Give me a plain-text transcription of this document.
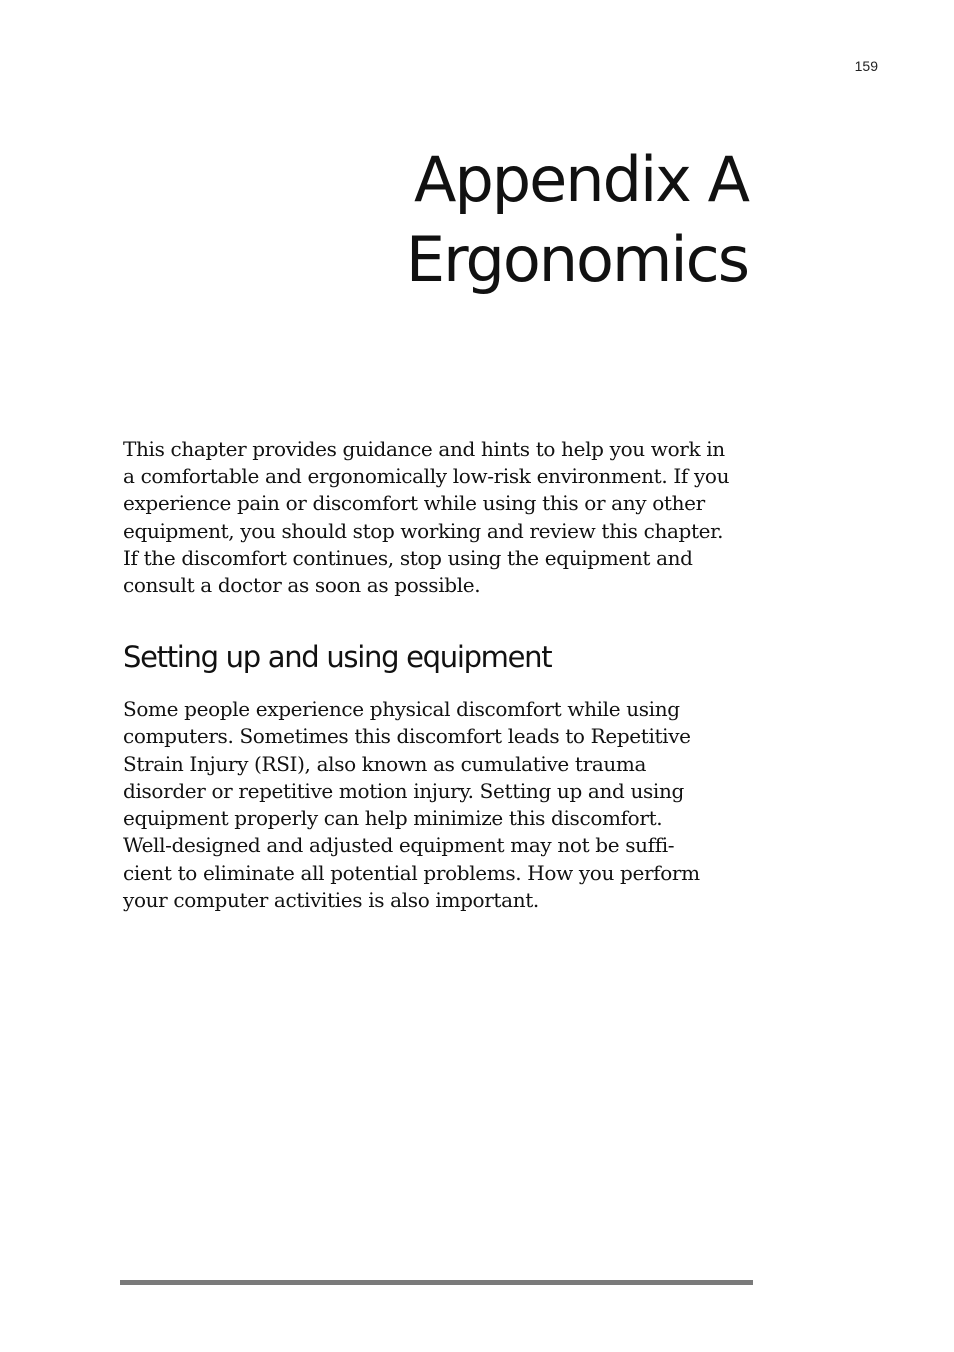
159
Appendix A
Ergonomics

This chapter provides guidance and hints to help you work in
a comfortable and ergonomically low-risk environment. If you
experience pain or discomfort while using this or any other
equipment, you should stop working and review this chapter.
If the discomfort continues, stop using the equipment and
consult a doctor as soon as possible.

Setting up and using equipment

Some people experience physical discomfort while using
computers. Sometimes this discomfort leads to Repetitive
Strain Injury (RSI), also known as cumulative trauma
disorder or repetitive motion injury. Setting up and using
equipment properly can help minimize this discomfort.
Well-designed and adjusted equipment may not be suffi-
cient to eliminate all potential problems. How you perform
your computer activities is also important.
